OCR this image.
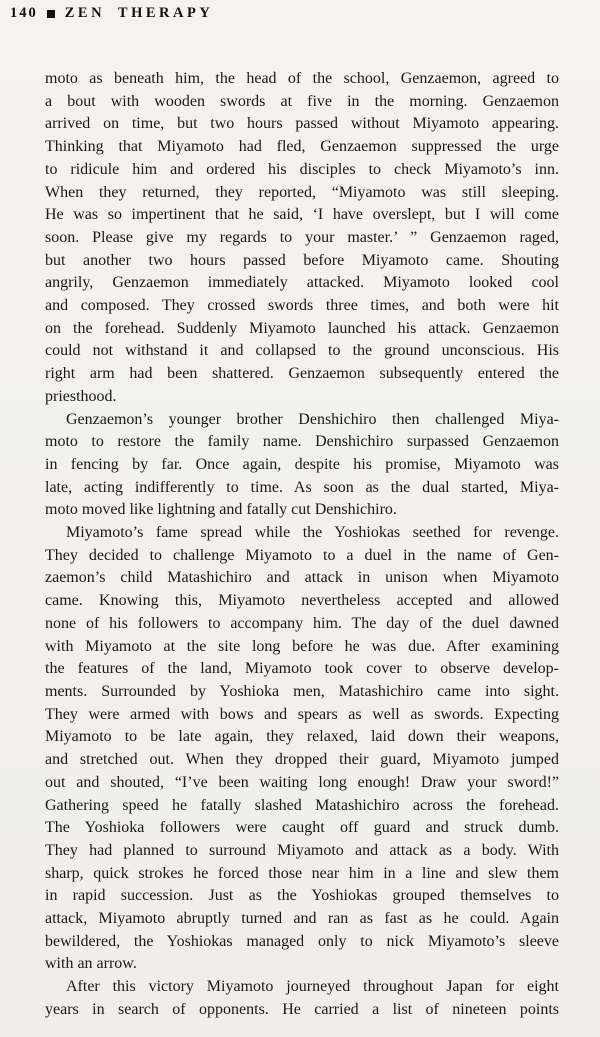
140 ZEN THERAPY
moto as beneath him, the head of the school, Genzaemon, agreed to
a bout with wooden swords at five in the morning. Genzaemon
arrived on time, but two hours passed without Miyamoto appearing.
Thinking that Miyamoto had fled, Genzaemon suppressed the urge
to ridicule him and ordered his disciples to check Miyamoto’s inn.
When they returned, they reported, “Miyamoto was still sleeping.
He was so impertinent that he said, ‘I have overslept, but I will come
soon. Please give my regards to your master.’ ” Genzaemon raged,
but another two hours passed before Miyamoto came. Shouting
angrily, Genzaemon immediately attacked. Miyamoto looked cool
and composed. They crossed swords three times, and both were hit
on the forehead. Suddenly Miyamoto launched his attack. Genzaemon
could not withstand it and collapsed to the ground unconscious. His
right arm had been shattered. Genzaemon subsequently entered the
priesthood.
Genzaemon’s younger brother Denshichiro then challenged Miya-
moto to restore the family name. Denshichiro surpassed Genzaemon
in fencing by far. Once again, despite his promise, Miyamoto was
late, acting indifferently to time. As soon as the dual started, Miya-
moto moved like lightning and fatally cut Denshichiro.
Miyamoto’s fame spread while the Yoshiokas seethed for revenge.
They decided to challenge Miyamoto to a duel in the name of Gen-
zaemon’s child Matashichiro and attack in unison when Miyamoto
came. Knowing this, Miyamoto nevertheless accepted and allowed
none of his followers to accompany him. The day of the duel dawned
with Miyamoto at the site long before he was due. After examining
the features of the land, Miyamoto took cover to observe develop-
ments. Surrounded by Yoshioka men, Matashichiro came into sight.
They were armed with bows and spears as well as swords. Expecting
Miyamoto to be late again, they relaxed, laid down their weapons,
and stretched out. When they dropped their guard, Miyamoto jumped
out and shouted, “I’ve been waiting long enough! Draw your sword!”
Gathering speed he fatally slashed Matashichiro across the forehead.
The Yoshioka followers were caught off guard and struck dumb.
They had planned to surround Miyamoto and attack as a body. With
sharp, quick strokes he forced those near him in a line and slew them
in rapid succession. Just as the Yoshiokas grouped themselves to
attack, Miyamoto abruptly turned and ran as fast as he could. Again
bewildered, the Yoshiokas managed only to nick Miyamoto’s sleeve
with an arrow.
After this victory Miyamoto journeyed throughout Japan for eight
years in search of opponents. He carried a list of nineteen points
